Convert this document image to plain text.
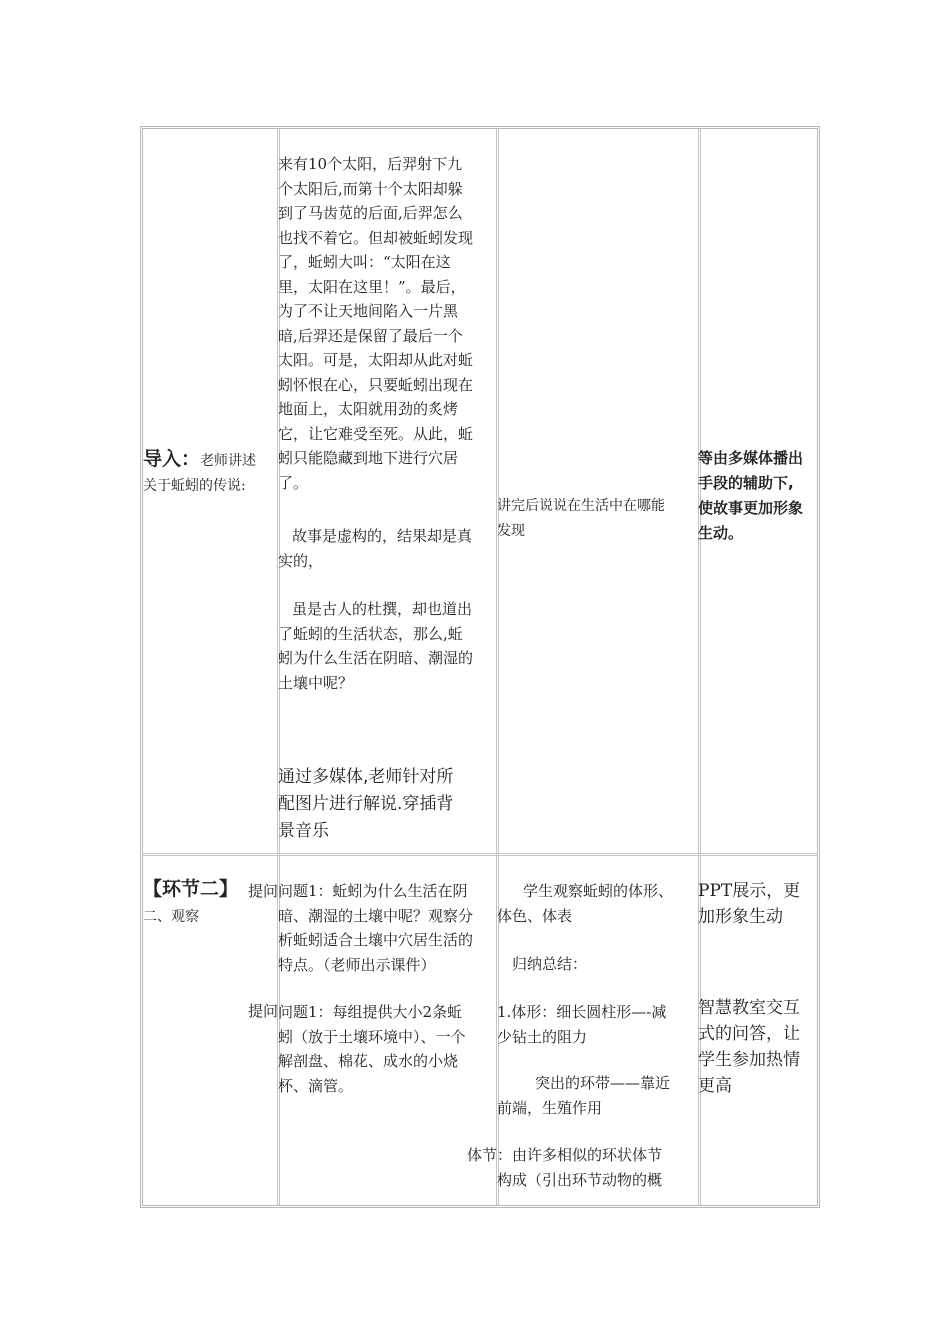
导入：老师讲述
关于蚯蚓的传说:

来有10个太阳，后羿射下九

个太阳后,而第十个太阳却躲

到了马齿苋的后面,后羿怎么

也找不着它。但却被蚯蚓发现

了，蚯蚓大叫：“太阳在这

里，太阳在这里！”。最后，

为了不让天地间陷入一片黑

暗,后羿还是保留了最后一个

太阳。可是，太阳却从此对蚯

蚓怀恨在心，只要蚯蚓出现在

地面上，太阳就用劲的炙烤

它，让它难受至死。从此，蚯

蚓只能隐藏到地下进行穴居

了。

故事是虚构的，结果却是真

实的，

虽是古人的杜撰，却也道出

了蚯蚓的生活状态，那么,蚯

蚓为什么生活在阴暗、潮湿的

土壤中呢？

通过多媒体,老师针对所

配图片进行解说.穿插背

景音乐

讲完后说说在生活中在哪能

发现

等由多媒体播出

手段的辅助下,

使故事更加形象

生动。

【环节二】 提问
二、观察
提问

问题1：蚯蚓为什么生活在阴

暗、潮湿的土壤中呢？观察分

析蚯蚓适合土壤中穴居生活的

特点。（老师出示课件）

问题1：每组提供大小2条蚯

蚓（放于土壤环境中）、一个

解剖盘、棉花、成水的小烧

杯、滴管。

学生观察蚯蚓的体形、

体色、体表

归纳总结：

1.体形：细长圆柱形—-减

少钻土的阻力

突出的环带——靠近

前端，生殖作用

体节 ：由许多相似的环状体节

构成（引出环节动物的概

PPT展示，更

加形象生动

智慧教室交互

式的问答，让

学生参加热情

更高
